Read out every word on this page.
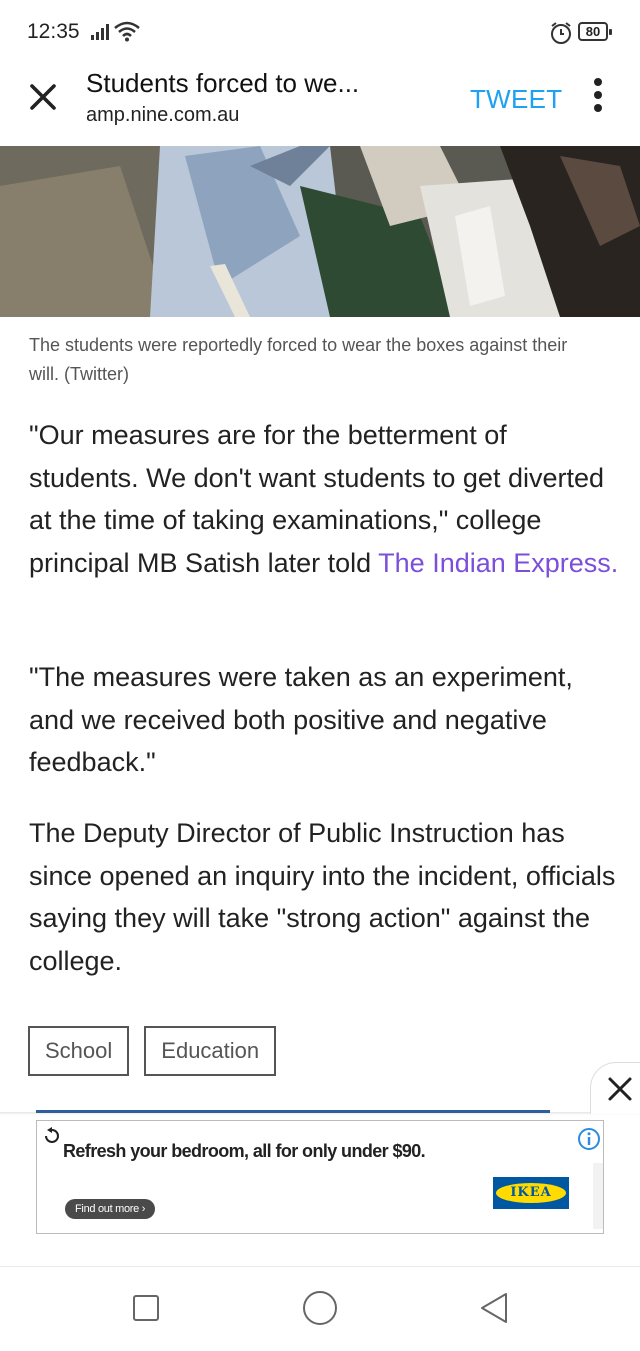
12:35	80
Students forced to we...
amp.nine.com.au
TWEET
The students were reportedly forced to wear the boxes against their will. (Twitter)

"Our measures are for the betterment of students. We don't want students to get diverted at the time of taking examinations," college principal MB Satish later told The Indian Express.

"The measures were taken as an experiment, and we received both positive and negative feedback."

The Deputy Director of Public Instruction has since opened an inquiry into the incident, officials saying they will take "strong action" against the college.

School	Education
Refresh your bedroom, all for only under $90.
Find out more ›
IKEA
